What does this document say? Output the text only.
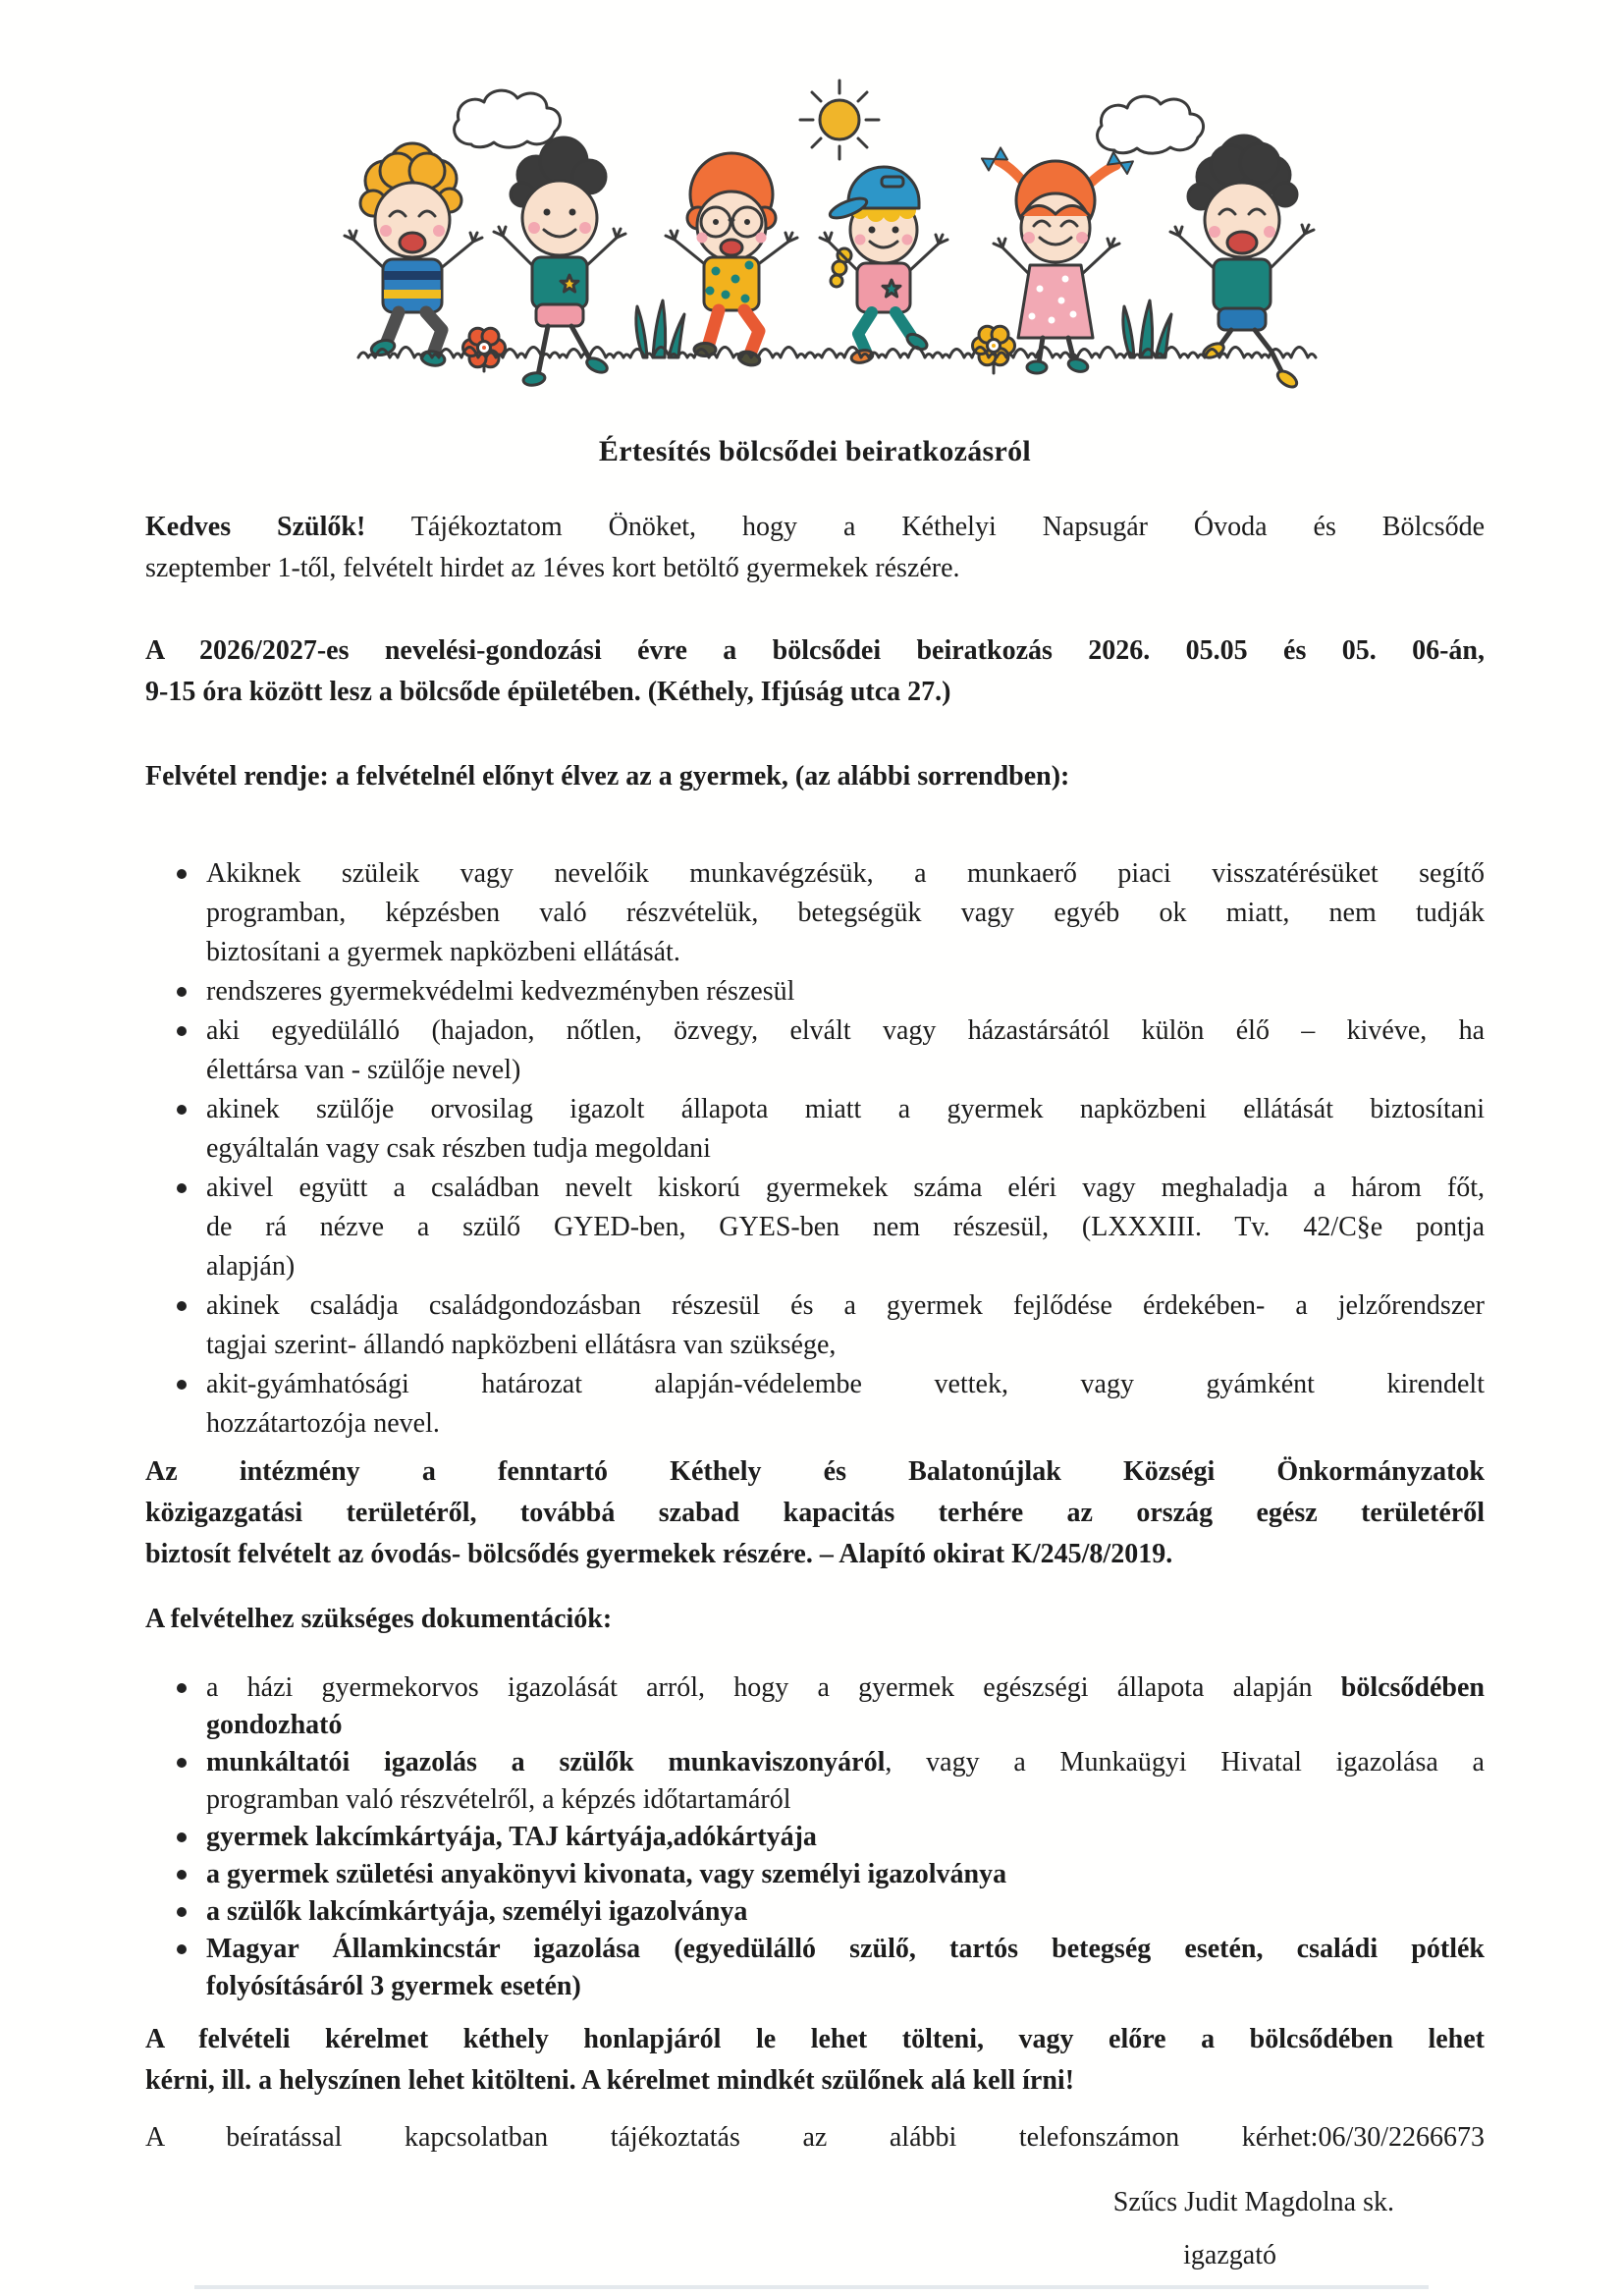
Értesítés bölcsődei beiratkozásról
Kedves Szülők! Tájékoztatom Önöket, hogy a Kéthelyi Napsugár Óvoda és Bölcsőde
szeptember 1-től, felvételt hirdet az 1éves kort betöltő gyermekek részére.
A 2026/2027-es nevelési-gondozási évre a bölcsődei beiratkozás 2026. 05.05 és 05. 06-án,
9-15 óra között lesz a bölcsőde épületében. (Kéthely, Ifjúság utca 27.)
Felvétel rendje: a felvételnél előnyt élvez az a gyermek, (az alábbi sorrendben):
Akiknek szüleik vagy nevelőik munkavégzésük, a munkaerő piaci visszatérésüket segítő
programban, képzésben való részvételük, betegségük vagy egyéb ok miatt, nem tudják
biztosítani a gyermek napközbeni ellátását.
rendszeres gyermekvédelmi kedvezményben részesül
aki egyedülálló (hajadon, nőtlen, özvegy, elvált vagy házastársától külön élő – kivéve, ha
élettársa van - szülője nevel)
akinek szülője orvosilag igazolt állapota miatt a gyermek napközbeni ellátását biztosítani
egyáltalán vagy csak részben tudja megoldani
akivel együtt a családban nevelt kiskorú gyermekek száma eléri vagy meghaladja a három főt,
de rá nézve a szülő GYED-ben, GYES-ben nem részesül, (LXXXIII. Tv. 42/C§e pontja
alapján)
akinek családja családgondozásban részesül és a gyermek fejlődése érdekében- a jelzőrendszer
tagjai szerint- állandó napközbeni ellátásra van szüksége,
akit-gyámhatósági határozat alapján-védelembe vettek, vagy gyámként kirendelt
hozzátartozója nevel.
Az intézmény a fenntartó Kéthely és Balatonújlak Községi Önkormányzatok
közigazgatási területéről, továbbá szabad kapacitás terhére az ország egész területéről
biztosít felvételt az óvodás- bölcsődés gyermekek részére. – Alapító okirat K/245/8/2019.
A felvételhez szükséges dokumentációk:
a házi gyermekorvos igazolását arról, hogy a gyermek egészségi állapota alapján bölcsődében
gondozható
munkáltatói igazolás a szülők munkaviszonyáról, vagy a Munkaügyi Hivatal igazolása a
programban való részvételről, a képzés időtartamáról
gyermek lakcímkártyája, TAJ kártyája,adókártyája
a gyermek születési anyakönyvi kivonata, vagy személyi igazolványa
a szülők lakcímkártyája, személyi igazolványa
Magyar Államkincstár igazolása (egyedülálló szülő, tartós betegség esetén, családi pótlék
folyósításáról 3 gyermek esetén)
A felvételi kérelmet kéthely honlapjáról le lehet tölteni, vagy előre a bölcsődében lehet
kérni, ill. a helyszínen lehet kitölteni. A kérelmet mindkét szülőnek alá kell írni!
A beíratással kapcsolatban tájékoztatás az alábbi telefonszámon kérhet:06/30/2266673
Szűcs Judit Magdolna sk.
igazgató
